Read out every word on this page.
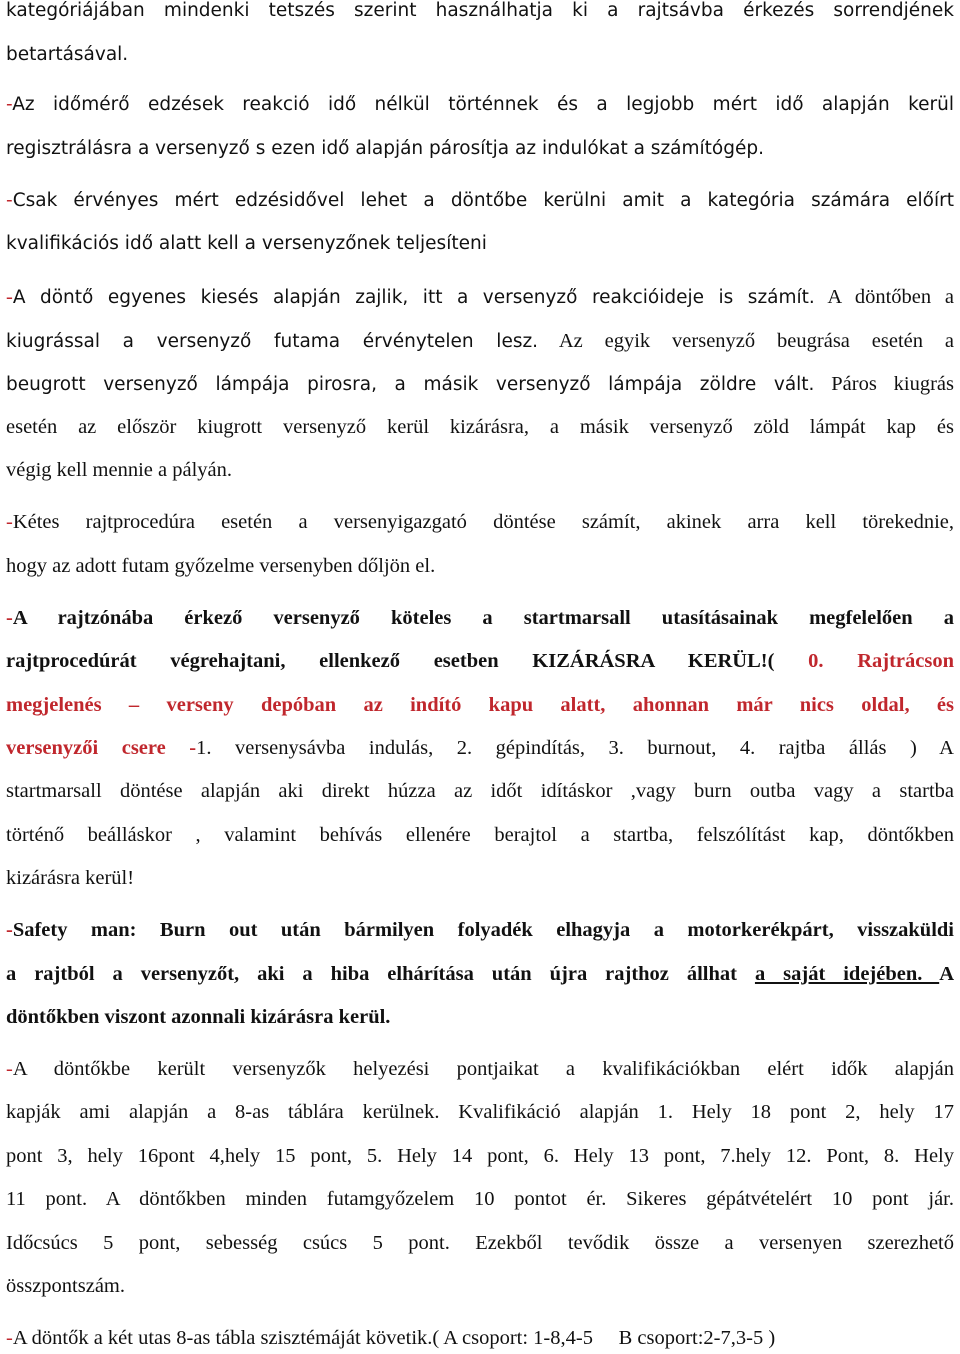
kategóriájában mindenki tetszés szerint használhatja ki a rajtsávba érkezés sorrendjének
betartásával.
-Az időmérő edzések reakció idő nélkül történnek és a legjobb mért idő alapján kerül
regisztrálásra a versenyző s ezen idő alapján párosítja az indulókat a számítógép.
-Csak érvényes mért edzésidővel lehet a döntőbe kerülni amit a kategória számára előírt
kvalifikációs idő alatt kell a versenyzőnek teljesíteni
-A döntő egyenes kiesés alapján zajlik, itt a versenyző reakcióideje is számít. A döntőben a
kiugrással a versenyző futama érvénytelen lesz. Az egyik versenyző beugrása esetén a
beugrott versenyző lámpája pirosra, a másik versenyző lámpája zöldre vált. Páros kiugrás
esetén az először kiugrott versenyző kerül kizárásra, a másik versenyző zöld lámpát kap és
végig kell mennie a pályán.
-Kétes rajtprocedúra esetén a versenyigazgató döntése számít, akinek arra kell törekednie,
hogy az adott futam győzelme versenyben dőljön el.
-A rajtzónába érkező versenyző köteles a startmarsall utasításainak megfelelően a
rajtprocedúrát végrehajtani, ellenkező esetben KIZÁRÁSRA KERÜL!( 0. Rajtrácson
megjelenés – verseny depóban az indító kapu alatt, ahonnan már nics oldal, és
versenyzői csere -1. versenysávba indulás, 2. gépindítás, 3. burnout, 4. rajtba állás ) A
startmarsall döntése alapján aki direkt húzza az időt idításkor ,vagy burn outba vagy a startba
történő beálláskor , valamint behívás ellenére berajtol a startba, felszólítást kap, döntőkben
kizárásra kerül!
-Safety man: Burn out után bármilyen folyadék elhagyja a motorkerékpárt, visszaküldi
a rajtból a versenyzőt, aki a hiba elhárítása után újra rajthoz állhat a saját idejében. A
döntőkben viszont azonnali kizárásra kerül.
-A döntőkbe került versenyzők helyezési pontjaikat a kvalifikációkban elért idők alapján
kapják ami alapján a 8-as táblára kerülnek. Kvalifikáció alapján 1. Hely 18 pont 2, hely 17
pont 3, hely 16pont 4,hely 15 pont, 5. Hely 14 pont, 6. Hely 13 pont, 7.hely 12. Pont, 8. Hely
11 pont. A döntőkben minden futamgyőzelem 10 pontot ér. Sikeres gépátvételért 10 pont jár.
Időcsúcs 5 pont, sebesség csúcs 5 pont. Ezekből tevődik össze a versenyen szerezhető
összpontszám.
-A döntők a két utas 8-as tábla szisztémáját követik.( A csoport: 1-8,4-5     B csoport:2-7,3-5 )
